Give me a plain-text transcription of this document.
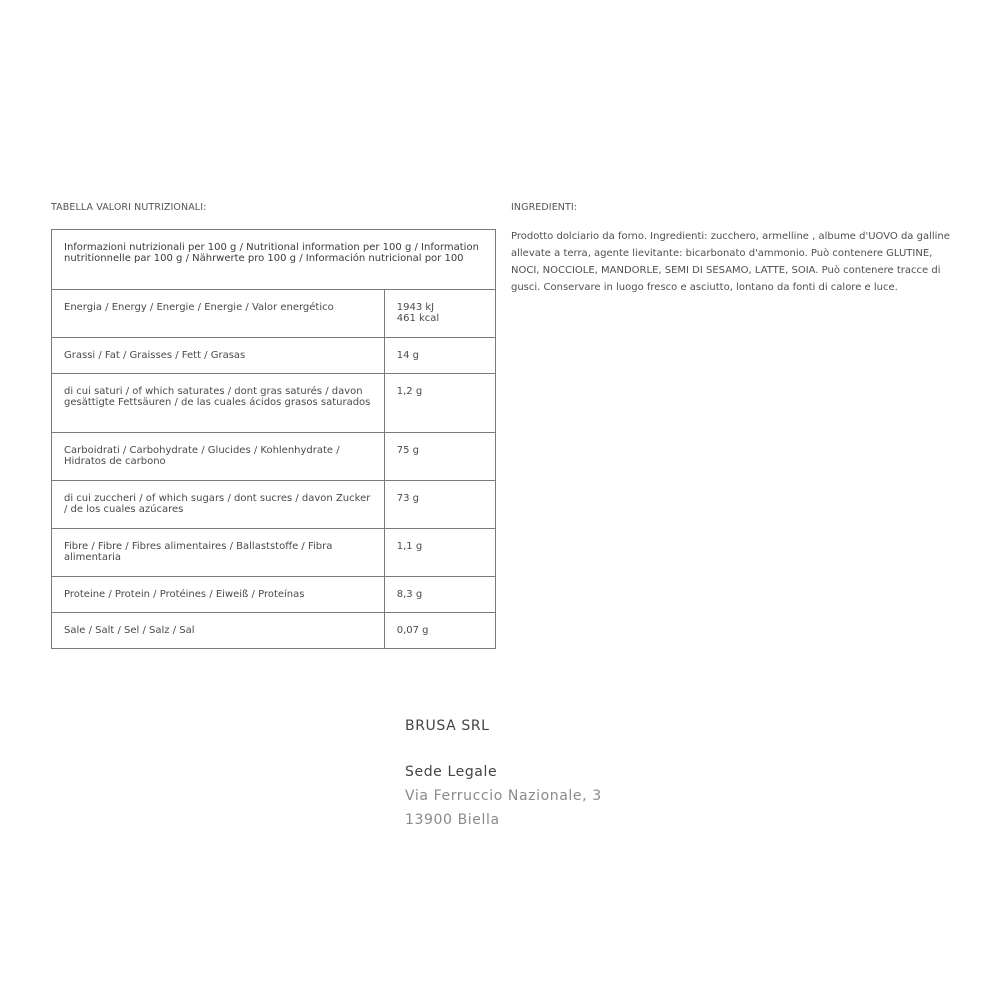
TABELLA VALORI NUTRIZIONALI:
Informazioni nutrizionali per 100 g / Nutritional information per 100 g / Information nutritionnelle par 100 g / Nährwerte pro 100 g / Información nutricional por 100	

Energia / Energy / Energie / Energie / Valor energético	1943 kJ
461 kcal

Grassi / Fat / Graisses / Fett / Grasas	14 g

di cui saturi / of which saturates / dont gras saturés / davon gesättigte Fettsäuren / de las cuales ácidos grasos saturados	1,2 g

Carboidrati / Carbohydrate / Glucides / Kohlenhydrate / Hidratos de carbono	75 g

di cui zuccheri / of which sugars / dont sucres / davon Zucker / de los cuales azúcares	73 g

Fibre / Fibre / Fibres alimentaires / Ballaststoffe / Fibra alimentaria	1,1 g

Proteine / Protein / Protéines / Eiweiß / Proteínas	8,3 g

Sale / Salt / Sel / Salz / Sal	0,07 g
INGREDIENTI:
Prodotto dolciario da forno. Ingredienti: zucchero, armelline , albume d'UOVO da galline allevate a terra, agente lievitante: bicarbonato d'ammonio. Può contenere GLUTINE, NOCI, NOCCIOLE, MANDORLE, SEMI DI SESAMO, LATTE, SOIA. Può contenere tracce di gusci. Conservare in luogo fresco e asciutto, lontano da fonti di calore e luce.
BRUSA SRL
Sede Legale
Via Ferruccio Nazionale, 3
13900 Biella
